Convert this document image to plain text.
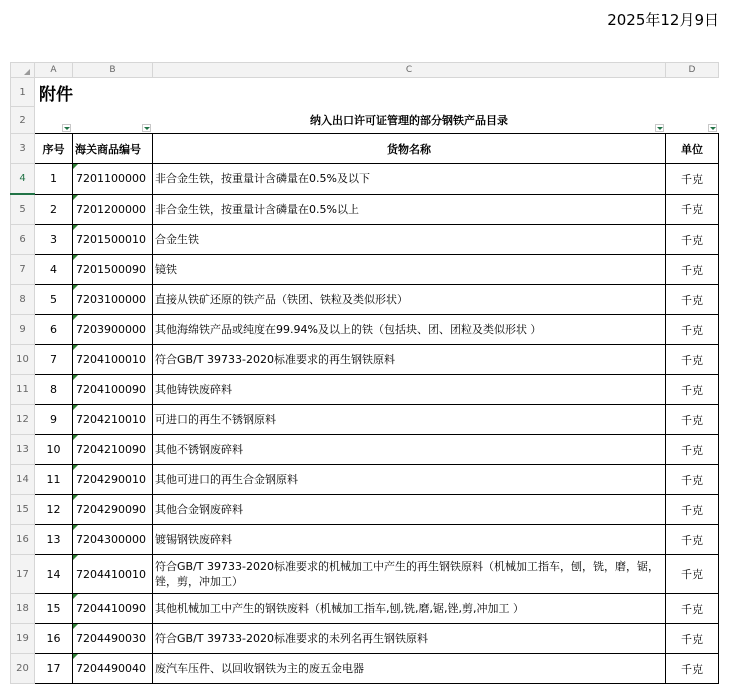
2025年12月9日
	A	B	C	D
1	附件			
2			纳入出口许可证管理的部分钢铁产品目录

3	序号	海关商品编号	货物名称	单位
4	1	7201100000	非合金生铁，按重量计含磷量在0.5%及以下	千克
5	2	7201200000	非合金生铁，按重量计含磷量在0.5%以上	千克
6	3	7201500010	合金生铁	千克
7	4	7201500090	镜铁	千克
8	5	7203100000	直接从铁矿还原的铁产品（铁团、铁粒及类似形状）	千克
9	6	7203900000	其他海绵铁产品或纯度在99.94%及以上的铁（包括块、团、团粒及类似形状 ）	千克
10	7	7204100010	符合GB/T 39733-2020标准要求的再生钢铁原料	千克
11	8	7204100090	其他铸铁废碎料	千克
12	9	7204210010	可进口的再生不锈钢原料	千克
13	10	7204210090	其他不锈钢废碎料	千克
14	11	7204290010	其他可进口的再生合金钢原料	千克
15	12	7204290090	其他合金钢废碎料	千克
16	13	7204300000	镀锡钢铁废碎料	千克
17	14	7204410010	符合GB/T 39733-2020标准要求的机械加工中产生的再生钢铁原料（机械加工指车，刨，铣，磨，锯，锉，剪，冲加工）	千克
18	15	7204410090	其他机械加工中产生的钢铁废料（机械加工指车,刨,铣,磨,锯,锉,剪,冲加工 ）	千克
19	16	7204490030	符合GB/T 39733-2020标准要求的未列名再生钢铁原料	千克
20	17	7204490040	废汽车压件、以回收钢铁为主的废五金电器	千克
